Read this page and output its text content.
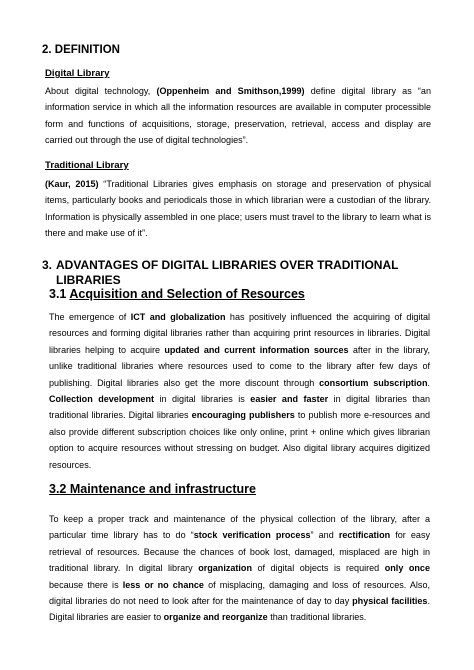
2. DEFINITION
Digital Library
About digital technology, (Oppenheim and Smithson,1999) define digital library as “an information service in which all the information resources are available in computer processible form and functions of acquisitions, storage, preservation, retrieval, access and display are carried out through the use of digital technologies”.
Traditional Library
(Kaur, 2015) “Traditional Libraries gives emphasis on storage and preservation of physical items, particularly books and periodicals those in which librarian were a custodian of the library. Information is physically assembled in one place; users must travel to the library to learn what is there and make use of it”.
3. ADVANTAGES OF DIGITAL LIBRARIES OVER TRADITIONAL
LIBRARIES
3.1 Acquisition and Selection of Resources
The emergence of ICT and globalization has positively influenced the acquiring of digital resources and forming digital libraries rather than acquiring print resources in libraries. Digital libraries helping to acquire updated and current information sources after in the library, unlike traditional libraries where resources used to come to the library after few days of publishing. Digital libraries also get the more discount through consortium subscription. Collection development in digital libraries is easier and faster in digital libraries than traditional libraries. Digital libraries encouraging publishers to publish more e-resources and also provide different subscription choices like only online, print + online which gives librarian option to acquire resources without stressing on budget. Also digital library acquires digitized resources.
3.2 Maintenance and infrastructure
To keep a proper track and maintenance of the physical collection of the library, after a particular time library has to do “stock verification process” and rectification for easy retrieval of resources. Because the chances of book lost, damaged, misplaced are high in traditional library. In digital library organization of digital objects is required only once because there is less or no chance of misplacing, damaging and loss of resources. Also, digital libraries do not need to look after for the maintenance of day to day physical facilities. Digital libraries are easier to organize and reorganize than traditional libraries.
